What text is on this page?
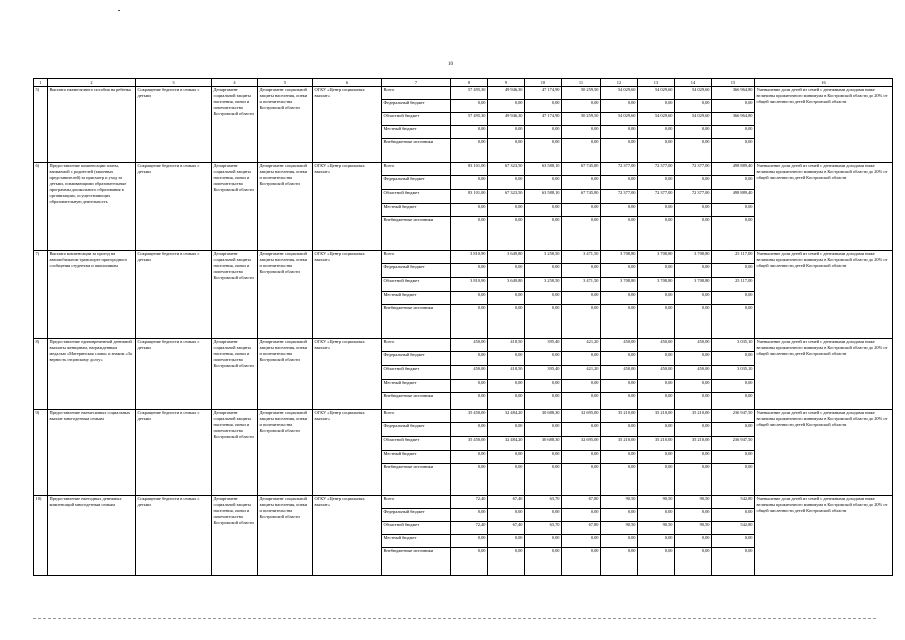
10
1	2	3	4	5	6	7	8	9	10	11	12	13	14	15	16
5)	Выплата ежемесячного пособия на ребенка	Сокращение бедности в семьях с детьми	Департамент социальной защиты населения, опеки и попечительства Костромской области	Департамент социальной защиты населения, опеки и попечительства Костромской области	ОГКУ «Центр социальных выплат»	Всего	57 495,30	49 946,30	47 174,90	50 259,50	54 029,60	54 029,60	54 029,60	366 964,80	Уменьшение доли детей из семей с денежными доходами ниже величины прожиточного минимума в Костромской области до 20% от общей численности детей Костромской области
						Федеральный бюджет	0,00	0,00	0,00	0,00	0,00	0,00	0,00	0,00	
						Областной бюджет	57 495,30	49 946,30	47 174,90	50 259,50	54 029,60	54 029,60	54 029,60	366 964,80	
						Местный бюджет	0,00	0,00	0,00	0,00	0,00	0,00	0,00	0,00	
						Внебюджетные источники	0,00	0,00	0,00	0,00	0,00	0,00	0,00	0,00	
6)	Предоставление компенсации платы, взимаемой с родителей (законных представителей) за присмотр и уход за детьми, осваивающими образовательные программы дошкольного образования в организациях, осуществляющих образовательную деятельность	Сокращение бедности в семьях с детьми	Департамент социальной защиты населения, опеки и попечительства Костромской области	Департамент социальной защиты населения, опеки и попечительства Костромской области	ОГКУ «Центр социальных выплат»	Всего	83 101,00	67 323,50	63 588,10	67 745,80	72 377,00	72 377,00	72 377,00	498 889,40	Уменьшение доли детей из семей с денежными доходами ниже величины прожиточного минимума в Костромской области до 20% от общей численности детей Костромской области
						Федеральный бюджет	0,00	0,00	0,00	0,00	0,00	0,00	0,00	0,00	
						Областной бюджет	83 101,00	67 323,50	63 588,10	67 745,80	72 377,00	72 377,00	72 377,00	498 889,40	
						Местный бюджет	0,00	0,00	0,00	0,00	0,00	0,00	0,00	0,00	
						Внебюджетные источники	0,00	0,00	0,00	0,00	0,00	0,00	0,00	0,00	
7)	Выплата компенсации за проезд на автомобильном транспорте пригородного сообщения студентам и школьникам	Сокращение бедности в семьях с детьми	Департамент социальной защиты населения, опеки и попечительства Костромской области	Департамент социальной защиты населения, опеки и попечительства Костромской области	ОГКУ «Центр социальных выплат»	Всего	3 810,90	3 649,80	3 258,50	3 471,50	3 708,80	3 708,80	3 708,80	25 117,00	Уменьшение доли детей из семей с денежными доходами ниже величины прожиточного минимума в Костромской области до 20% от общей численности детей Костромской области
						Федеральный бюджет	0,00	0,00	0,00	0,00	0,00	0,00	0,00	0,00	
						Областной бюджет	3 810,90	3 649,80	3 258,50	3 471,50	3 708,80	3 708,80	3 708,80	25 117,00	
						Местный бюджет	0,00	0,00	0,00	0,00	0,00	0,00	0,00	0,00	
						Внебюджетные источники	0,00	0,00	0,00	0,00	0,00	0,00	0,00	0,00	
8)	Предоставление единовременной денежной выплаты женщинам, награжденным медалью «Материнская слава» и знаком «За верность отцовскому долгу»	Сокращение бедности в семьях с детьми	Департамент социальной защиты населения, опеки и попечительства Костромской области	Департамент социальной защиты населения, опеки и попечительства Костромской области	ОГКУ «Центр социальных выплат»	Всего	450,00	418,50	395,40	421,20	450,00	450,00	450,00	3 035,10	Уменьшение доли детей из семей с денежными доходами ниже величины прожиточного минимума в Костромской области до 20% от общей численности детей Костромской области
						Федеральный бюджет	0,00	0,00	0,00	0,00	0,00	0,00	0,00	0,00	
						Областной бюджет	450,00	418,50	395,40	421,20	450,00	450,00	450,00	3 035,10	
						Местный бюджет	0,00	0,00	0,00	0,00	0,00	0,00	0,00	0,00	
						Внебюджетные источники	0,00	0,00	0,00	0,00	0,00	0,00	0,00	0,00	
9)	Предоставление ежемесячных социальных выплат многодетным семьям	Сокращение бедности в семьях с детьми	Департамент социальной защиты населения, опеки и попечительства Костромской области	Департамент социальной защиты населения, опеки и попечительства Костромской области	ОГКУ «Центр социальных выплат»	Всего	35 450,00	32 484,20	30 688,30	32 695,00	35 210,00	35 210,00	35 210,00	236 947,50	Уменьшение доли детей из семей с денежными доходами ниже величины прожиточного минимума в Костромской области до 20% от общей численности детей Костромской области
						Федеральный бюджет	0,00	0,00	0,00	0,00	0,00	0,00	0,00	0,00	
						Областной бюджет	35 450,00	32 484,20	30 688,30	32 695,00	35 210,00	35 210,00	35 210,00	236 947,50	
						Местный бюджет	0,00	0,00	0,00	0,00	0,00	0,00	0,00	0,00	
						Внебюджетные источники	0,00	0,00	0,00	0,00	0,00	0,00	0,00	0,00	
10)	Предоставление ежегодных денежных компенсаций многодетным семьям	Сокращение бедности в семьях с детьми	Департамент социальной защиты населения, опеки и попечительства Костромской области	Департамент социальной защиты населения, опеки и попечительства Костромской области	ОГКУ «Центр социальных выплат»	Всего	72,40	67,40	63,70	67,80	90,50	90,50	90,50	542,80	Уменьшение доли детей из семей с денежными доходами ниже величины прожиточного минимума в Костромской области до 20% от общей численности детей Костромской области
						Федеральный бюджет	0,00	0,00	0,00	0,00	0,00	0,00	0,00	0,00	
						Областной бюджет	72,40	67,40	63,70	67,80	90,50	90,50	90,50	542,80	
						Местный бюджет	0,00	0,00	0,00	0,00	0,00	0,00	0,00	0,00	
						Внебюджетные источники	0,00	0,00	0,00	0,00	0,00	0,00	0,00	0,00	
